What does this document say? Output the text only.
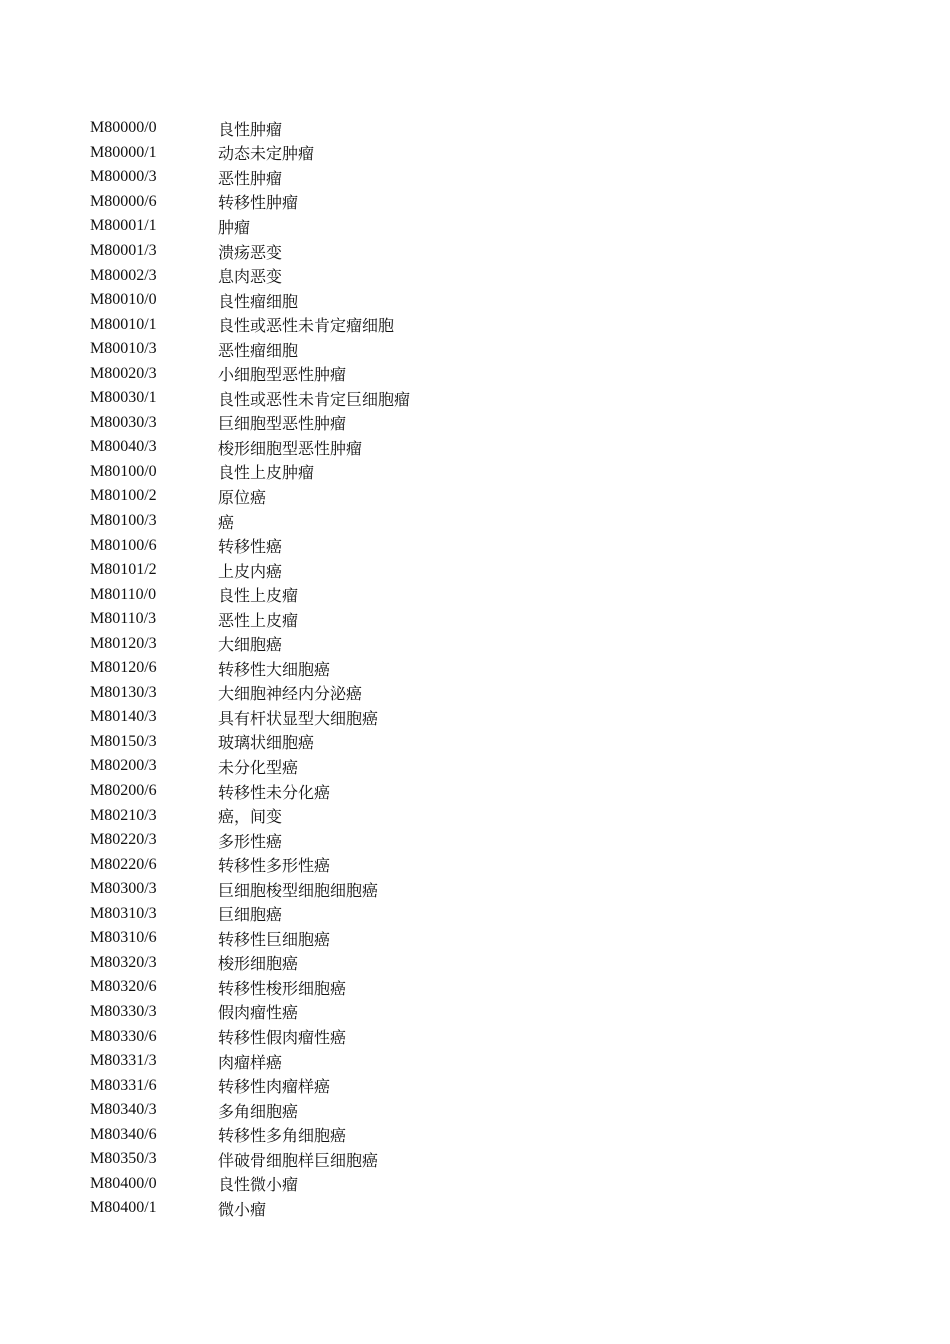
M80000/0	良性肿瘤
M80000/1	动态未定肿瘤
M80000/3	恶性肿瘤
M80000/6	转移性肿瘤
M80001/1	肿瘤
M80001/3	溃疡恶变
M80002/3	息肉恶变
M80010/0	良性瘤细胞
M80010/1	良性或恶性未肯定瘤细胞
M80010/3	恶性瘤细胞
M80020/3	小细胞型恶性肿瘤
M80030/1	良性或恶性未肯定巨细胞瘤
M80030/3	巨细胞型恶性肿瘤
M80040/3	梭形细胞型恶性肿瘤
M80100/0	良性上皮肿瘤
M80100/2	原位癌
M80100/3	癌
M80100/6	转移性癌
M80101/2	上皮内癌
M80110/0	良性上皮瘤
M80110/3	恶性上皮瘤
M80120/3	大细胞癌
M80120/6	转移性大细胞癌
M80130/3	大细胞神经内分泌癌
M80140/3	具有杆状显型大细胞癌
M80150/3	玻璃状细胞癌
M80200/3	未分化型癌
M80200/6	转移性未分化癌
M80210/3	癌，间变
M80220/3	多形性癌
M80220/6	转移性多形性癌
M80300/3	巨细胞梭型细胞细胞癌
M80310/3	巨细胞癌
M80310/6	转移性巨细胞癌
M80320/3	梭形细胞癌
M80320/6	转移性梭形细胞癌
M80330/3	假肉瘤性癌
M80330/6	转移性假肉瘤性癌
M80331/3	肉瘤样癌
M80331/6	转移性肉瘤样癌
M80340/3	多角细胞癌
M80340/6	转移性多角细胞癌
M80350/3	伴破骨细胞样巨细胞癌
M80400/0	良性微小瘤
M80400/1	微小瘤
